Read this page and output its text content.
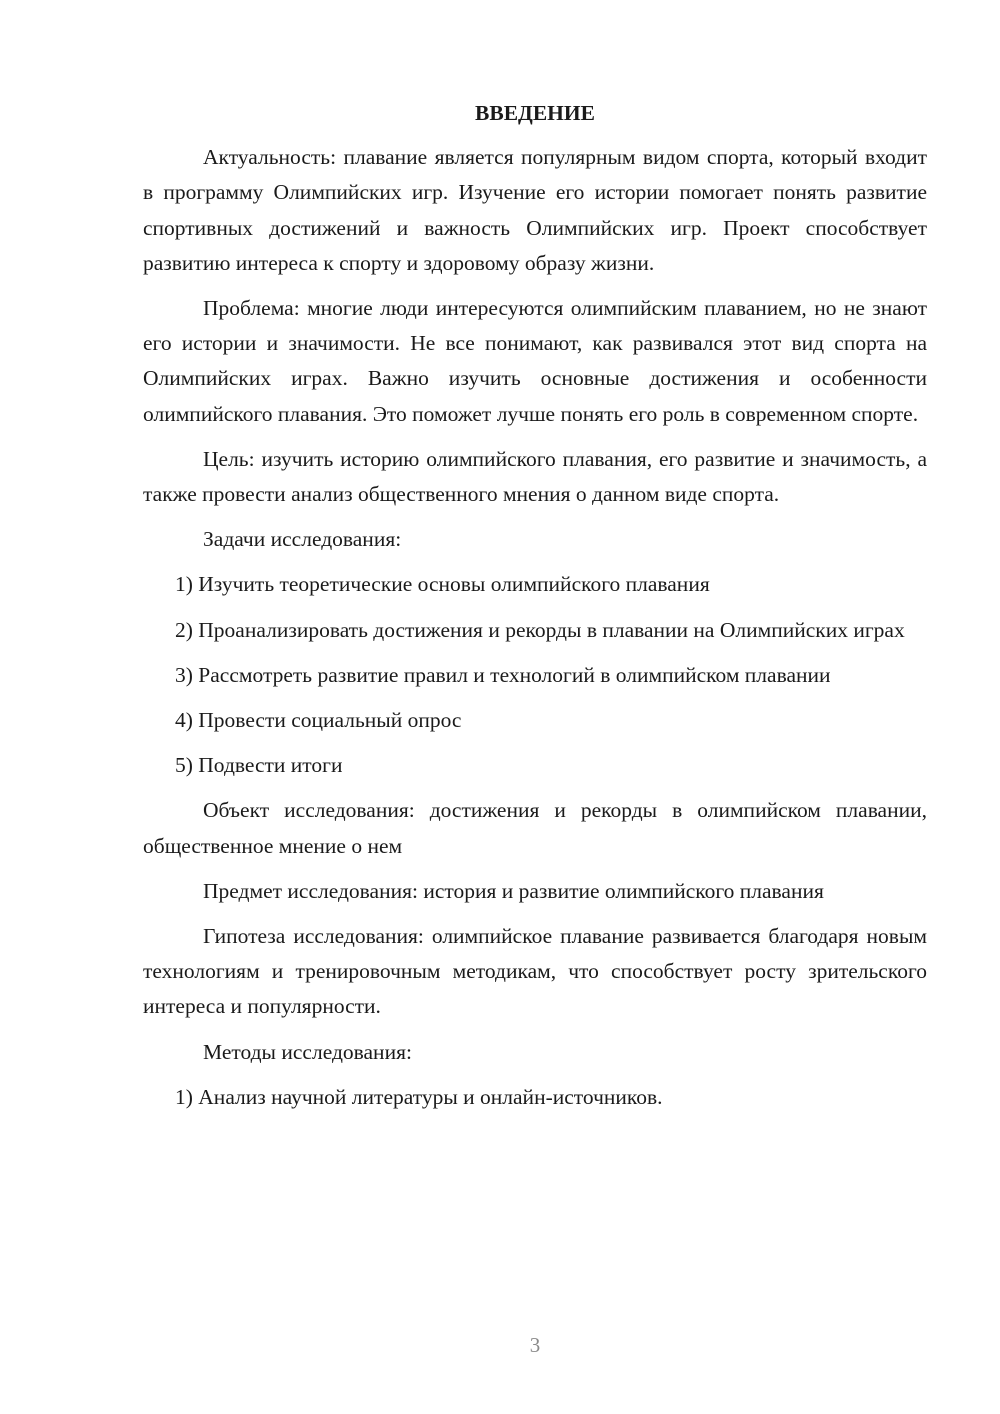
ВВЕДЕНИЕ

Актуальность: плавание является популярным видом спорта, который входит в программу Олимпийских игр. Изучение его истории помогает понять развитие спортивных достижений и важность Олимпийских игр. Проект способствует развитию интереса к спорту и здоровому образу жизни.

Проблема: многие люди интересуются олимпийским плаванием, но не знают его истории и значимости. Не все понимают, как развивался этот вид спорта на Олимпийских играх. Важно изучить основные достижения и особенности олимпийского плавания. Это поможет лучше понять его роль в современном спорте.

Цель: изучить историю олимпийского плавания, его развитие и значимость, а также провести анализ общественного мнения о данном виде спорта.

Задачи исследования:

1) Изучить теоретические основы олимпийского плавания

2) Проанализировать достижения и рекорды в плавании на Олимпийских играх

3) Рассмотреть развитие правил и технологий в олимпийском плавании

4) Провести социальный опрос

5) Подвести итоги

Объект исследования: достижения и рекорды в олимпийском плавании, общественное мнение о нем

Предмет исследования: история и развитие олимпийского плавания

Гипотеза исследования: олимпийское плавание развивается благодаря новым технологиям и тренировочным методикам, что способствует росту зрительского интереса и популярности.

Методы исследования:

1) Анализ научной литературы и онлайн-источников.

3
